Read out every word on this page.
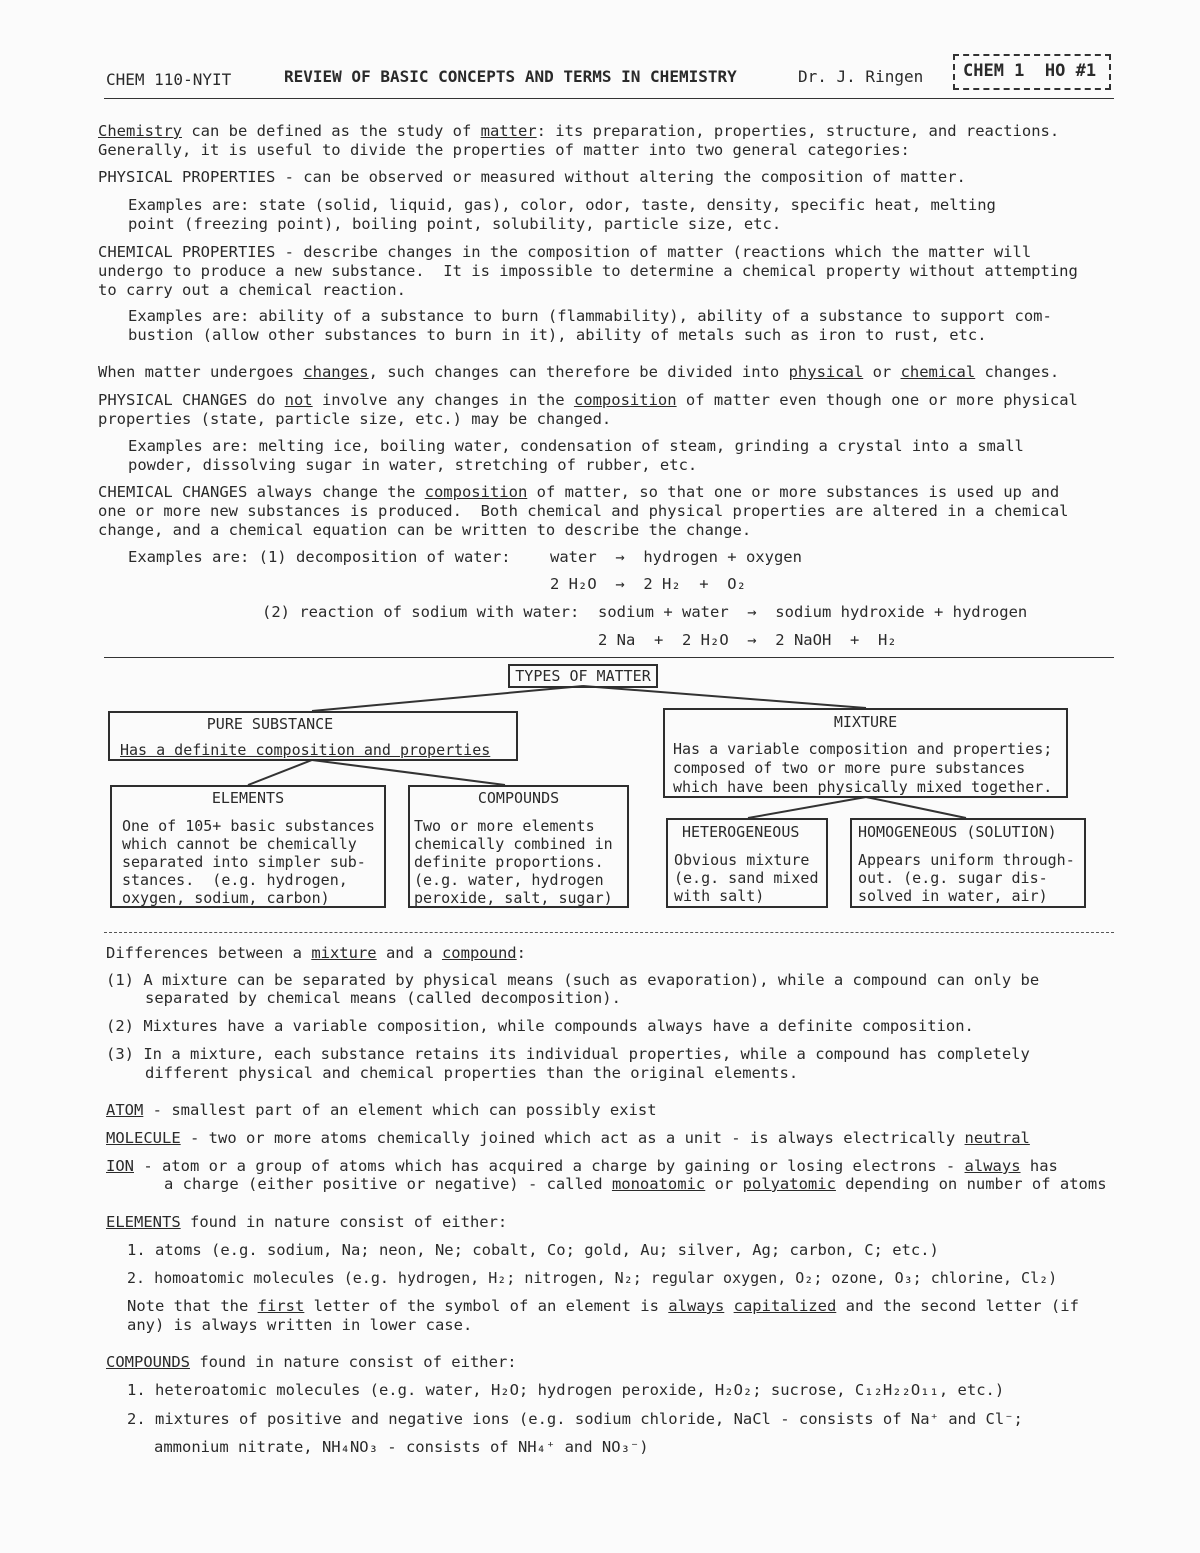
CHEM 110-NYIT	REVIEW OF BASIC CONCEPTS AND TERMS IN CHEMISTRY	Dr. J. Ringen CHEM 1  HO #1
Chemistry can be defined as the study of matter: its preparation, properties, structure, and reactions.
Generally, it is useful to divide the properties of matter into two general categories:
PHYSICAL PROPERTIES - can be observed or measured without altering the composition of matter.
Examples are: state (solid, liquid, gas), color, odor, taste, density, specific heat, melting
point (freezing point), boiling point, solubility, particle size, etc.
CHEMICAL PROPERTIES - describe changes in the composition of matter (reactions which the matter will
undergo to produce a new substance.  It is impossible to determine a chemical property without attempting
to carry out a chemical reaction.
Examples are: ability of a substance to burn (flammability), ability of a substance to support com-
bustion (allow other substances to burn in it), ability of metals such as iron to rust, etc.
When matter undergoes changes, such changes can therefore be divided into physical or chemical changes.
PHYSICAL CHANGES do not involve any changes in the composition of matter even though one or more physical
properties (state, particle size, etc.) may be changed.
Examples are: melting ice, boiling water, condensation of steam, grinding a crystal into a small
powder, dissolving sugar in water, stretching of rubber, etc.
CHEMICAL CHANGES always change the composition of matter, so that one or more substances is used up and
one or more new substances is produced.  Both chemical and physical properties are altered in a chemical
change, and a chemical equation can be written to describe the change.
Examples are: (1) decomposition of water:	water  →  hydrogen + oxygen
2 H₂O  →  2 H₂  +  O₂
(2) reaction of sodium with water: sodium + water  →  sodium hydroxide + hydrogen
2 Na  +  2 H₂O  →  2 NaOH  +  H₂
TYPES OF MATTER
PURE SUBSTANCE
Has a definite composition and properties
MIXTURE
Has a variable composition and properties;
composed of two or more pure substances
which have been physically mixed together.
ELEMENTS
One of 105+ basic substances
which cannot be chemically
separated into simpler sub-
stances.  (e.g. hydrogen,
oxygen, sodium, carbon)
COMPOUNDS
Two or more elements
chemically combined in
definite proportions.
(e.g. water, hydrogen
peroxide, salt, sugar)
HETEROGENEOUS
Obvious mixture
(e.g. sand mixed
with salt)
HOMOGENEOUS (SOLUTION)
Appears uniform through-
out. (e.g. sugar dis-
solved in water, air)
Differences between a mixture and a compound:
(1) A mixture can be separated by physical means (such as evaporation), while a compound can only be
separated by chemical means (called decomposition).
(2) Mixtures have a variable composition, while compounds always have a definite composition.
(3) In a mixture, each substance retains its individual properties, while a compound has completely
different physical and chemical properties than the original elements.
ATOM - smallest part of an element which can possibly exist
MOLECULE - two or more atoms chemically joined which act as a unit - is always electrically neutral
ION - atom or a group of atoms which has acquired a charge by gaining or losing electrons - always has
a charge (either positive or negative) - called monoatomic or polyatomic depending on number of atoms
ELEMENTS found in nature consist of either:
1. atoms (e.g. sodium, Na; neon, Ne; cobalt, Co; gold, Au; silver, Ag; carbon, C; etc.)
2. homoatomic molecules (e.g. hydrogen, H₂; nitrogen, N₂; regular oxygen, O₂; ozone, O₃; chlorine, Cl₂)
Note that the first letter of the symbol of an element is always capitalized and the second letter (if
any) is always written in lower case.
COMPOUNDS found in nature consist of either:
1. heteroatomic molecules (e.g. water, H₂O; hydrogen peroxide, H₂O₂; sucrose, C₁₂H₂₂O₁₁, etc.)
2. mixtures of positive and negative ions (e.g. sodium chloride, NaCl - consists of Na⁺ and Cl⁻;
ammonium nitrate, NH₄NO₃ - consists of NH₄⁺ and NO₃⁻)
